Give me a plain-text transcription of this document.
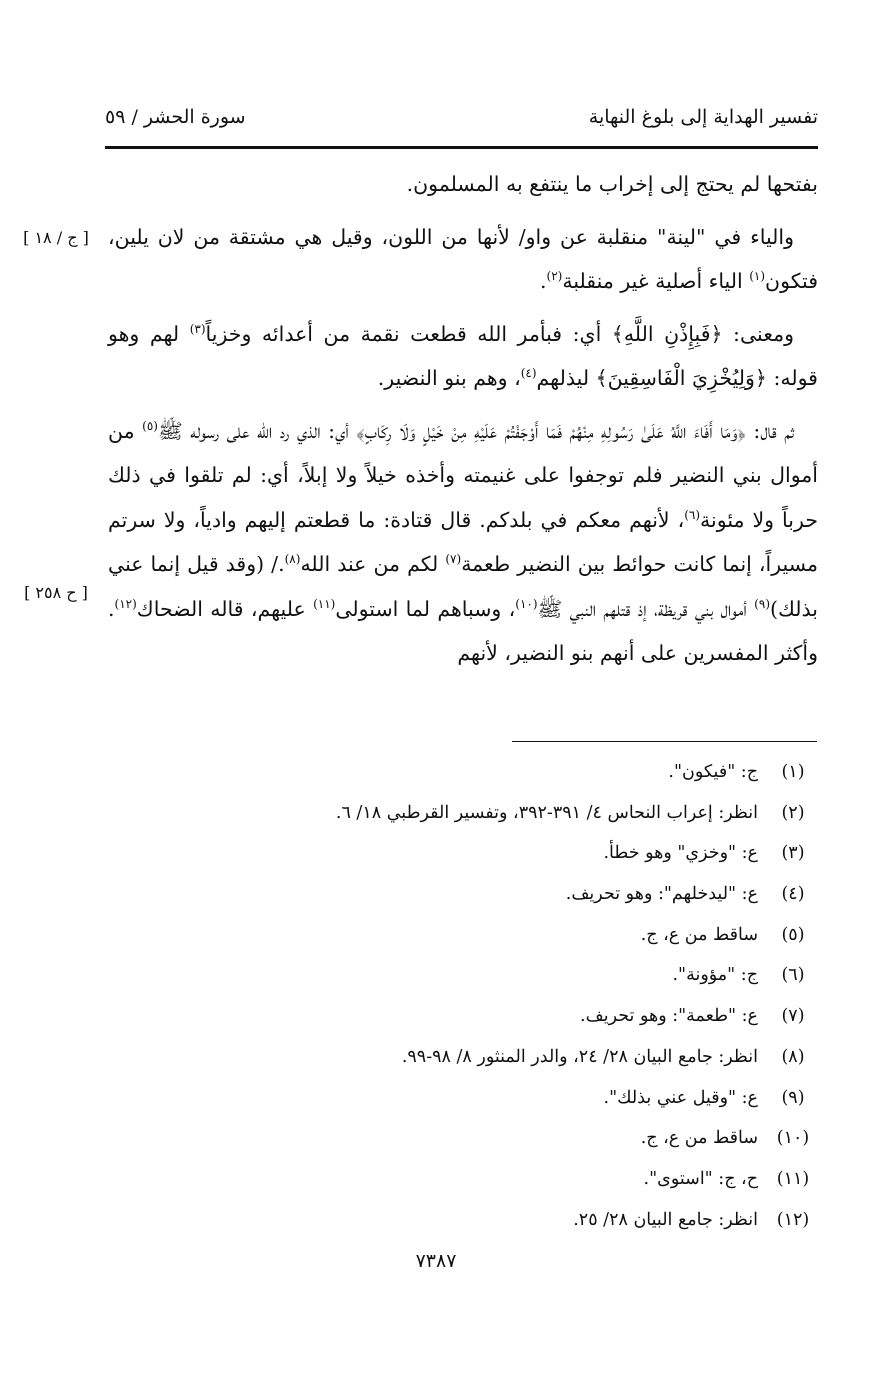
تفسير الهداية إلى بلوغ النهاية
سورة الحشر / ٥٩
[ ج / ١٨ ]
[ ح ٢٥٨ ]

بفتحها لم يحتج إلى إخراب ما ينتفع به المسلمون.

والياء في "لينة" منقلبة عن واو/ لأنها من اللون، وقيل هي مشتقة من لان يلين، فتكون$^{(١)}$ الياء أصلية غير منقلبة$^{(٢)}$.

ومعنى: ﴿فَبِإِذْنِ اللَّهِ﴾ أي: فبأمر الله قطعت نقمة من أعدائه وخزياً$^{(٣)}$ لهم وهو قوله: ﴿وَلِيُخْزِيَ الْفَاسِقِينَ﴾ ليذلهم$^{(٤)}$، وهم بنو النضير.

ثم قال: ﴿وَمَا أَفَاءَ اللَّهُ عَلَىٰ رَسُولِهِ مِنْهُمْ فَمَا أَوْجَفْتُمْ عَلَيْهِ مِنْ خَيْلٍ وَلَا رِكَابٍ﴾ أي: الذي رد الله على رسوله ﷺ$^{(٥)}$ من أموال بني النضير فلم توجفوا على غنيمته وأخذه خيلاً ولا إبلاً، أي: لم تلقوا في ذلك حرباً ولا مئونة$^{(٦)}$، لأنهم معكم في بلدكم. قال قتادة: ما قطعتم إليهم وادياً، ولا سرتم مسيراً، إنما كانت حوائط بين النضير طعمة$^{(٧)}$ لكم من عند الله$^{(٨)}$./ (وقد قيل إنما عني بذلك)$^{(٩)}$ أموال بني قريظة، إذ قتلهم النبي ﷺ$^{(١٠)}$، وسباهم لما استولى$^{(١١)}$ عليهم، قاله الضحاك$^{(١٢)}$. وأكثر المفسرين على أنهم بنو النضير، لأنهم

(١)
ج: "فيكون".
(٢)
انظر: إعراب النحاس ٤/ ٣٩١-٣٩٢، وتفسير القرطبي ١٨/ ٦.
(٣)
ع: "وخزي" وهو خطأ.
(٤)
ع: "ليدخلهم": وهو تحريف.
(٥)
ساقط من ع، ج.
(٦)
ج: "مؤونة".
(٧)
ع: "طعمة": وهو تحريف.
(٨)
انظر: جامع البيان ٢٨/ ٢٤، والدر المنثور ٨/ ٩٨-٩٩.
(٩)
ع: "وقيل عني بذلك".
(١٠)
ساقط من ع، ج.
(١١)
ح، ج: "استوى".
(١٢)
انظر: جامع البيان ٢٨/ ٢٥.
٧٣٨٧
